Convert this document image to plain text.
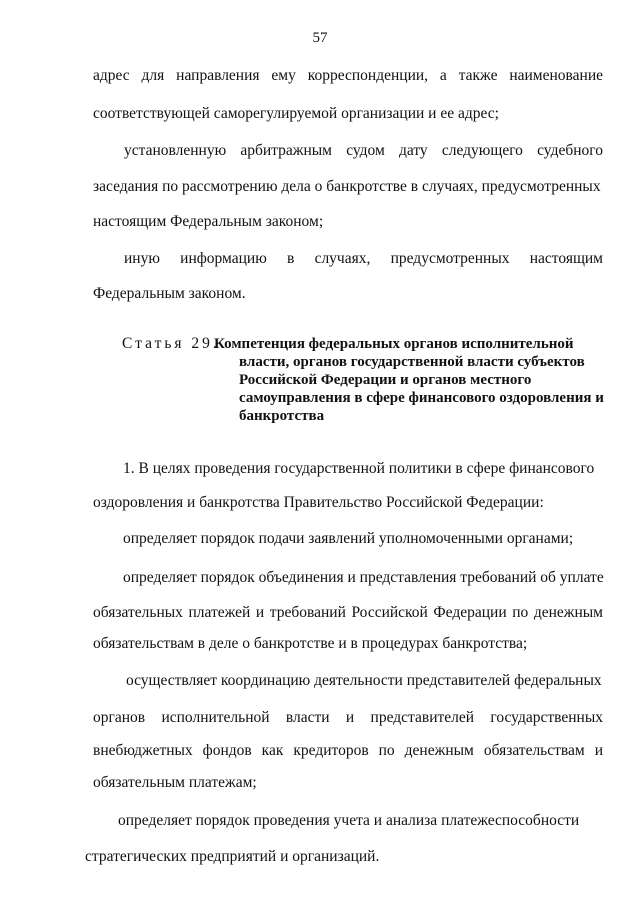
57
адрес для направления ему корреспонденции, а также наименование
соответствующей саморегулируемой организации и ее адрес;
установленную арбитражным судом дату следующего судебного
заседания по рассмотрению дела о банкротстве в случаях, предусмотренных
настоящим Федеральным законом;
иную информацию в случаях, предусмотренных настоящим
Федеральным законом.
Статья 29.
Компетенция федеральных органов исполнительной
власти, органов государственной власти субъектов
Российской Федерации и органов местного
самоуправления в сфере финансового оздоровления и
банкротства
1. В целях проведения государственной политики в сфере финансового
оздоровления и банкротства Правительство Российской Федерации:
определяет порядок подачи заявлений уполномоченными органами;
определяет порядок объединения и представления требований об уплате
обязательных платежей и требований Российской Федерации по денежным
обязательствам в деле о банкротстве и в процедурах банкротства;
осуществляет координацию деятельности представителей федеральных
органов исполнительной власти и представителей государственных
внебюджетных фондов как кредиторов по денежным обязательствам и
обязательным платежам;
определяет порядок проведения учета и анализа платежеспособности
стратегических предприятий и организаций.
